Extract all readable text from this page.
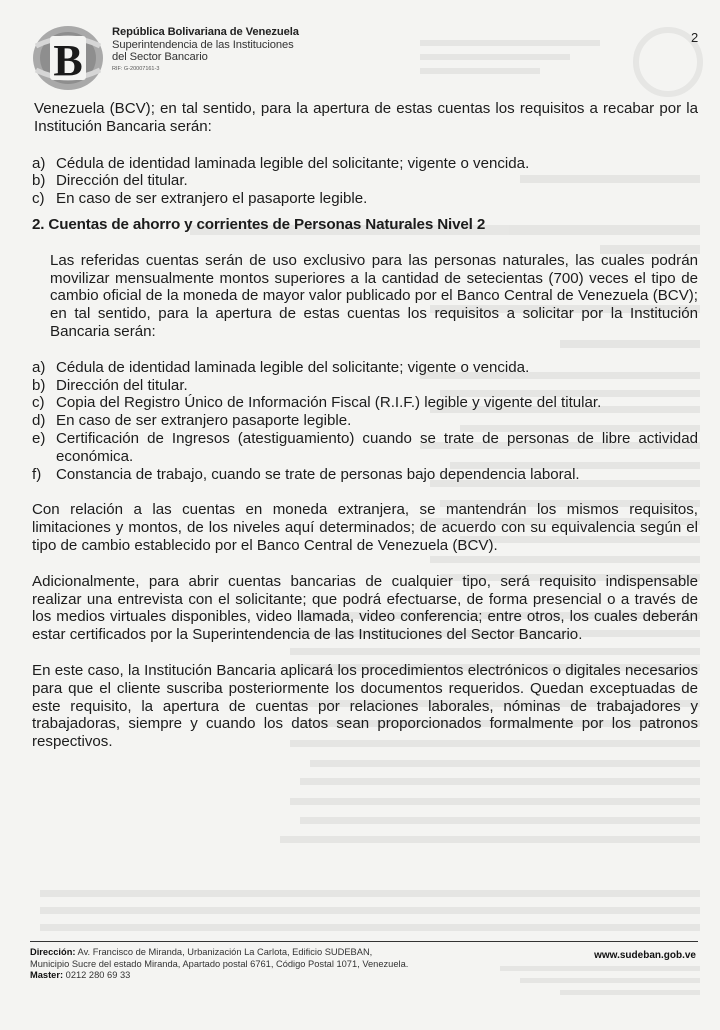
B
República Bolivariana de Venezuela
Superintendencia de las Instituciones
del Sector Bancario
RIF: G-20007161-3
2

Venezuela (BCV); en tal sentido, para la apertura de estas cuentas los requisitos a recabar por la Institución Bancaria serán:

a) Cédula de identidad laminada legible del solicitante; vigente o vencida.
b) Dirección del titular.
c) En caso de ser extranjero el pasaporte legible.
2. Cuentas de ahorro y corrientes de Personas Naturales Nivel 2

Las referidas cuentas serán de uso exclusivo para las personas naturales, las cuales podrán movilizar mensualmente montos superiores a la cantidad de setecientas (700) veces el tipo de cambio oficial de la moneda de mayor valor publicado por el Banco Central de Venezuela (BCV); en tal sentido, para la apertura de estas cuentas los requisitos a solicitar por la Institución Bancaria serán:

a) Cédula de identidad laminada legible del solicitante; vigente o vencida.
b) Dirección del titular.
c) Copia del Registro Único de Información Fiscal (R.I.F.) legible y vigente del titular.
d) En caso de ser extranjero pasaporte legible.
e) Certificación de Ingresos (atestiguamiento) cuando se trate de personas de libre actividad económica.
f) Constancia de trabajo, cuando se trate de personas bajo dependencia laboral.

Con relación a las cuentas en moneda extranjera, se mantendrán los mismos requisitos, limitaciones y montos, de los niveles aquí determinados; de acuerdo con su equivalencia según el tipo de cambio establecido por el Banco Central de Venezuela (BCV).

Adicionalmente, para abrir cuentas bancarias de cualquier tipo, será requisito indispensable realizar una entrevista con el solicitante; que podrá efectuarse, de forma presencial o a través de los medios virtuales disponibles, video llamada, video conferencia; entre otros, los cuales deberán estar certificados por la Superintendencia de las Instituciones del Sector Bancario.

En este caso, la Institución Bancaria aplicará los procedimientos electrónicos o digitales necesarios para que el cliente suscriba posteriormente los documentos requeridos. Quedan exceptuadas de este requisito, la apertura de cuentas por relaciones laborales, nóminas de trabajadores y trabajadoras, siempre y cuando los datos sean proporcionados formalmente por los patronos respectivos.

Dirección: Av. Francisco de Miranda, Urbanización La Carlota, Edificio SUDEBAN,
Municipio Sucre del estado Miranda, Apartado postal 6761, Código Postal 1071, Venezuela.
Master: 0212 280 69 33
www.sudeban.gob.ve
